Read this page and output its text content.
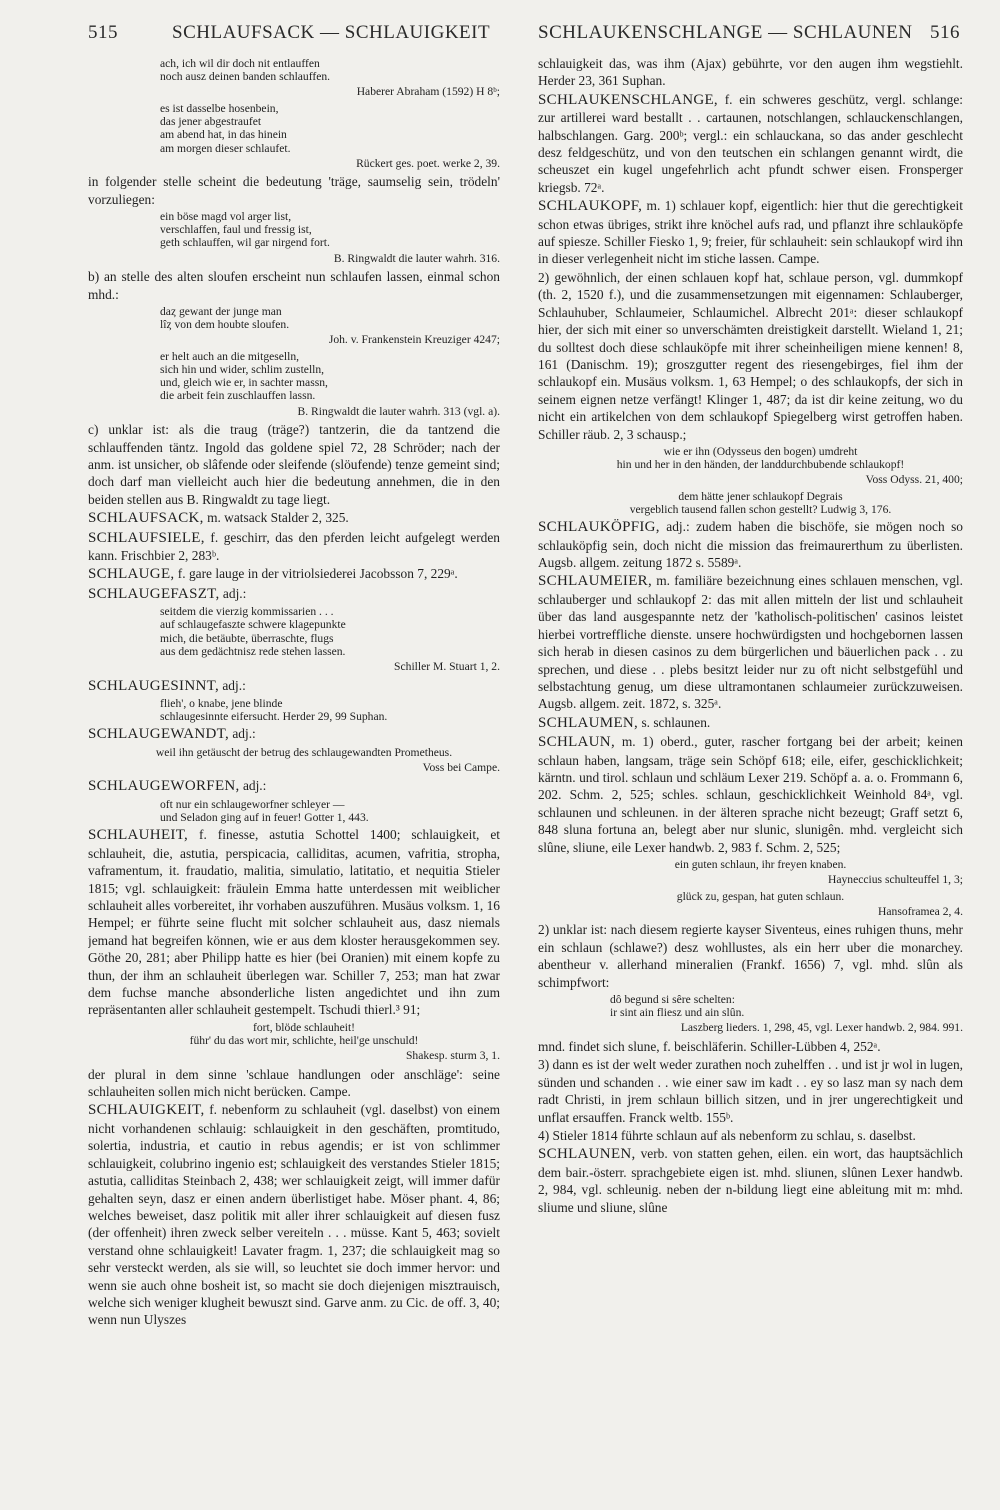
515	SCHLAUFSACK — SCHLAUIGKEIT	SCHLAUKENSCHLANGE — SCHLAUNEN 516
ach, ich wil dir doch nit entlauffen
noch ausz deinen banden schlauffen.
Haberer Abraham (1592) H 8ᵇ;
es ist dasselbe hosenbein,
das jener abgestraufet
am abend hat, in das hinein
am morgen dieser schlaufet.
Rückert ges. poet. werke 2, 39.

in folgender stelle scheint die bedeutung 'träge, saumselig sein, trödeln' vorzuliegen:

ein böse magd vol arger list,
verschlaffen, faul und fressig ist,
geth schlauffen, wil gar nirgend fort.
B. Ringwaldt die lauter wahrh. 316.

b) an stelle des alten sloufen erscheint nun schlaufen lassen, einmal schon mhd.:

daȥ gewant der junge man
lîȥ von dem houbte sloufen.
Joh. v. Frankenstein Kreuziger 4247;
er helt auch an die mitgeselln,
sich hin und wider, schlim zustelln,
und, gleich wie er, in sachter massn,
die arbeit fein zuschlauffen lassn.
B. Ringwaldt die lauter wahrh. 313 (vgl. a).

c) unklar ist: als die traug (träge?) tantzerin, die da tantzend die schlauffenden täntz. Ingold das goldene spiel 72, 28 Schröder; nach der anm. ist unsicher, ob slâfende oder sleifende (slöufende) tenze gemeint sind; doch darf man vielleicht auch hier die bedeutung annehmen, die in den beiden stellen aus B. Ringwaldt zu tage liegt.

SCHLAUFSACK, m. watsack Stalder 2, 325.

SCHLAUFSIELE, f. geschirr, das den pferden leicht aufgelegt werden kann. Frischbier 2, 283ᵇ.

SCHLAUGE, f. gare lauge in der vitriolsiederei Jacobsson 7, 229ᵃ.

SCHLAUGEFASZT, adj.:

seitdem die vierzig kommissarien . . .
auf schlaugefaszte schwere klagepunkte
mich, die betäubte, überraschte, flugs
aus dem gedächtnisz rede stehen lassen.
Schiller M. Stuart 1, 2.

SCHLAUGESINNT, adj.:

flieh', o knabe, jene blinde
schlaugesinnte eifersucht. Herder 29, 99 Suphan.

SCHLAUGEWANDT, adj.:

weil ihn getäuscht der betrug des schlaugewandten Prometheus.
Voss bei Campe.

SCHLAUGEWORFEN, adj.:

oft nur ein schlaugeworfner schleyer —
und Seladon ging auf in feuer! Gotter 1, 443.

SCHLAUHEIT, f. finesse, astutia Schottel 1400; schlauigkeit, et schlauheit, die, astutia, perspicacia, calliditas, acumen, vafritia, stropha, vaframentum, it. fraudatio, malitia, simulatio, latitatio, et nequitia Stieler 1815; vgl. schlauigkeit: fräulein Emma hatte unterdessen mit weiblicher schlauheit alles vorbereitet, ihr vorhaben auszuführen. Musäus volksm. 1, 16 Hempel; er führte seine flucht mit solcher schlauheit aus, dasz niemals jemand hat begreifen können, wie er aus dem kloster herausgekommen sey. Göthe 20, 281; aber Philipp hatte es hier (bei Oranien) mit einem kopfe zu thun, der ihm an schlauheit überlegen war. Schiller 7, 253; man hat zwar dem fuchse manche absonderliche listen angedichtet und ihn zum repräsentanten aller schlauheit gestempelt. Tschudi thierl.³ 91;

fort, blöde schlauheit!
führ' du das wort mir, schlichte, heil'ge unschuld!
Shakesp. sturm 3, 1.

der plural in dem sinne 'schlaue handlungen oder anschläge': seine schlauheiten sollen mich nicht berücken. Campe.

SCHLAUIGKEIT, f. nebenform zu schlauheit (vgl. daselbst) von einem nicht vorhandenen schlauig: schlauigkeit in den geschäften, promtitudo, solertia, industria, et cautio in rebus agendis; er ist von schlimmer schlauigkeit, colubrino ingenio est; schlauigkeit des verstandes Stieler 1815; astutia, calliditas Steinbach 2, 438; wer schlauigkeit zeigt, will immer dafür gehalten seyn, dasz er einen andern überlistiget habe. Möser phant. 4, 86; welches beweiset, dasz politik mit aller ihrer schlauigkeit auf diesen fusz (der offenheit) ihren zweck selber vereiteln . . . müsse. Kant 5, 463; sovielt verstand ohne schlauigkeit! Lavater fragm. 1, 237; die schlauigkeit mag so sehr versteckt werden, als sie will, so leuchtet sie doch immer hervor: und wenn sie auch ohne bosheit ist, so macht sie doch diejenigen misztrauisch, welche sich weniger klugheit bewuszt sind. Garve anm. zu Cic. de off. 3, 40; wenn nun Ulyszes

schlauigkeit das, was ihm (Ajax) gebührte, vor den augen ihm wegstiehlt. Herder 23, 361 Suphan.

SCHLAUKENSCHLANGE, f. ein schweres geschütz, vergl. schlange: zur artillerei ward bestallt . . cartaunen, notschlangen, schlauckenschlangen, halbschlangen. Garg. 200ᵇ; vergl.: ein schlauckana, so das ander geschlecht desz feldgeschütz, und von den teutschen ein schlangen genannt wirdt, die scheuszet ein kugel ungefehrlich acht pfundt schwer eisen. Fronsperger kriegsb. 72ᵃ.

SCHLAUKOPF, m. 1) schlauer kopf, eigentlich: hier thut die gerechtigkeit schon etwas übriges, strikt ihre knöchel aufs rad, und pflanzt ihre schlauköpfe auf spiesze. Schiller Fiesko 1, 9; freier, für schlauheit: sein schlaukopf wird ihn in dieser verlegenheit nicht im stiche lassen. Campe.

2) gewöhnlich, der einen schlauen kopf hat, schlaue person, vgl. dummkopf (th. 2, 1520 f.), und die zusammensetzungen mit eigennamen: Schlauberger, Schlauhuber, Schlaumeier, Schlaumichel. Albrecht 201ᵃ: dieser schlaukopf hier, der sich mit einer so unverschämten dreistigkeit darstellt. Wieland 1, 21; du solltest doch diese schlauköpfe mit ihrer scheinheiligen miene kennen! 8, 161 (Danischm. 19); groszgutter regent des riesengebirges, fiel ihm der schlaukopf ein. Musäus volksm. 1, 63 Hempel; o des schlaukopfs, der sich in seinem eignen netze verfängt! Klinger 1, 487; da ist dir keine zeitung, wo du nicht ein artikelchen von dem schlaukopf Spiegelberg wirst getroffen haben. Schiller räub. 2, 3 schausp.;

wie er ihn (Odysseus den bogen) umdreht
hin und her in den händen, der landdurchbubende schlaukopf!
Voss Odyss. 21, 400;
dem hätte jener schlaukopf Degrais
vergeblich tausend fallen schon gestellt? Ludwig 3, 176.

SCHLAUKÖPFIG, adj.: zudem haben die bischöfe, sie mögen noch so schlauköpfig sein, doch nicht die mission das freimaurerthum zu überlisten. Augsb. allgem. zeitung 1872 s. 5589ᵃ.

SCHLAUMEIER, m. familiäre bezeichnung eines schlauen menschen, vgl. schlauberger und schlaukopf 2: das mit allen mitteln der list und schlauheit über das land ausgespannte netz der 'katholisch-politischen' casinos leistet hierbei vortreffliche dienste. unsere hochwürdigsten und hochgebornen lassen sich herab in diesen casinos zu dem bürgerlichen und bäuerlichen pack . . zu sprechen, und diese . . plebs besitzt leider nur zu oft nicht selbstgefühl und selbstachtung genug, um diese ultramontanen schlaumeier zurückzuweisen. Augsb. allgem. zeit. 1872, s. 325ᵃ.

SCHLAUMEN, s. schlaunen.

SCHLAUN, m. 1) oberd., guter, rascher fortgang bei der arbeit; keinen schlaun haben, langsam, träge sein Schöpf 618; eile, eifer, geschicklichkeit; kärntn. und tirol. schlaun und schläum Lexer 219. Schöpf a. a. o. Frommann 6, 202. Schm. 2, 525; schles. schlaun, geschicklichkeit Weinhold 84ᵃ, vgl. schlaunen und schleunen. in der älteren sprache nicht bezeugt; Graff setzt 6, 848 sluna fortuna an, belegt aber nur slunic, slunigên. mhd. vergleicht sich slûne, sliune, eile Lexer handwb. 2, 983 f. Schm. 2, 525;

ein guten schlaun, ihr freyen knaben.
Hayneccius schulteuffel 1, 3;
glück zu, gespan, hat guten schlaun.
Hansoframea 2, 4.

2) unklar ist: nach diesem regierte kayser Siventeus, eines ruhigen thuns, mehr ein schlaun (schlawe?) desz wohllustes, als ein herr uber die monarchey. abentheur v. allerhand mineralien (Frankf. 1656) 7, vgl. mhd. slûn als schimpfwort:

dô begund si sêre schelten:
ir sint ain fliesz und ain slûn.
Laszberg lieders. 1, 298, 45, vgl. Lexer handwb. 2, 984. 991.

mnd. findet sich slune, f. beischläferin. Schiller-Lübben 4, 252ᵃ.

3) dann es ist der welt weder zurathen noch zuhelffen . . und ist jr wol in lugen, sünden und schanden . . wie einer saw im kadt . . ey so lasz man sy nach dem radt Christi, in jrem schlaun billich sitzen, und in jrer ungerechtigkeit und unflat ersauffen. Franck weltb. 155ᵇ.

4) Stieler 1814 führte schlaun auf als nebenform zu schlau, s. daselbst.

SCHLAUNEN, verb. von statten gehen, eilen. ein wort, das hauptsächlich dem bair.-österr. sprachgebiete eigen ist. mhd. sliunen, slûnen Lexer handwb. 2, 984, vgl. schleunig. neben der n-bildung liegt eine ableitung mit m: mhd. sliume und sliune, slûne
